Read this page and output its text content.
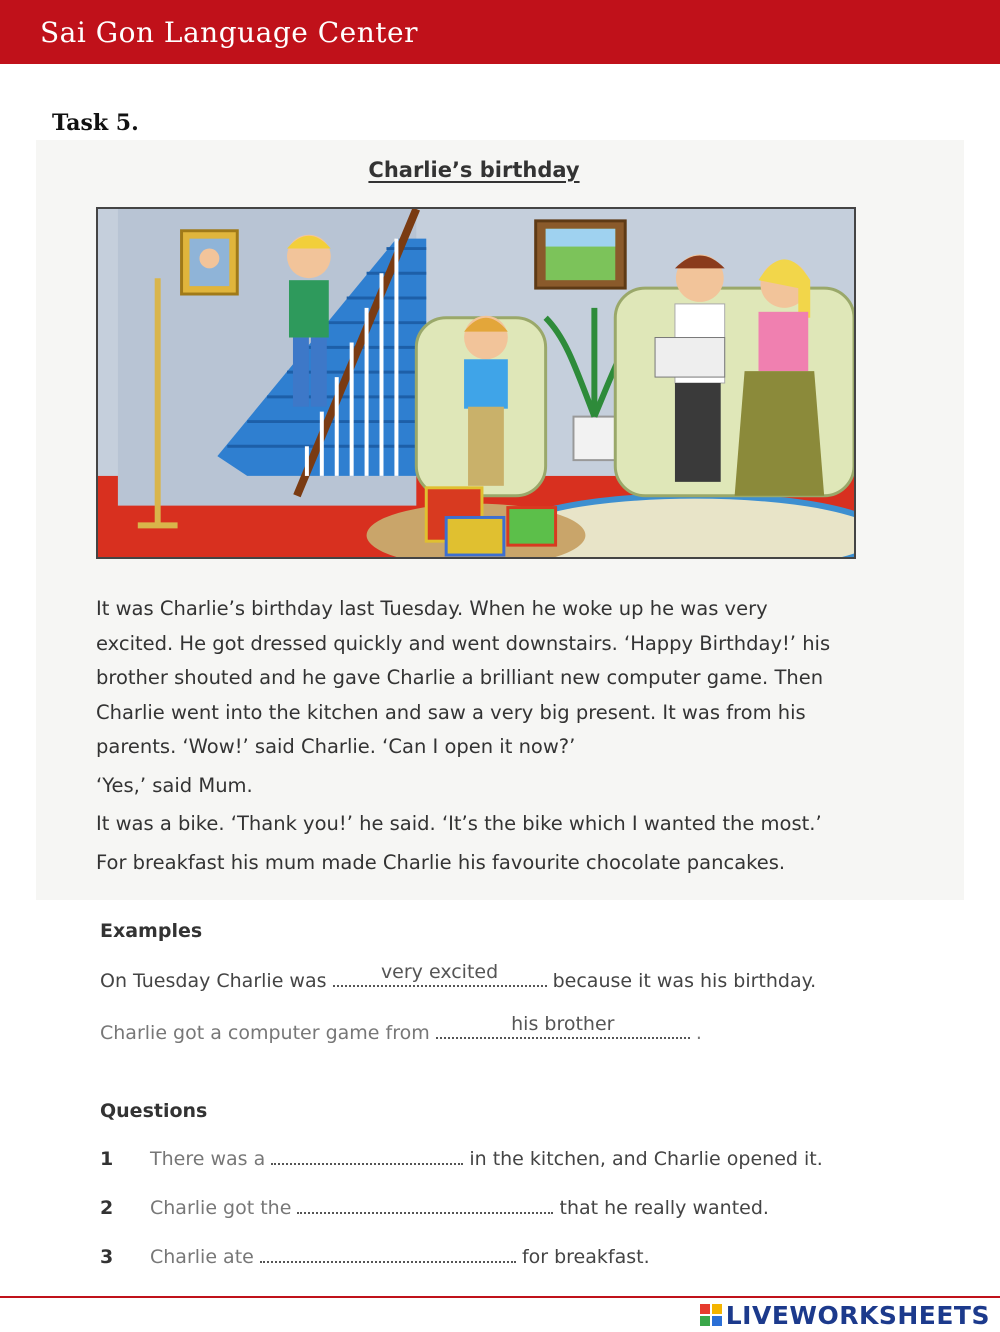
Sai Gon Language Center
Task 5.
Charlie’s birthday

It was Charlie’s birthday last Tuesday. When he woke up he was very

excited. He got dressed quickly and went downstairs. ‘Happy Birthday!’ his

brother shouted and he gave Charlie a brilliant new computer game. Then

Charlie went into the kitchen and saw a very big present. It was from his

parents. ‘Wow!’ said Charlie. ‘Can I open it now?’

‘Yes,’ said Mum.

It was a bike. ‘Thank you!’ he said. ‘It’s the bike which I wanted the most.’

For breakfast his mum made Charlie his favourite chocolate pancakes.

Examples
On Tuesday Charlie was	very excited	because it was his birthday.
Charlie got a computer game from	his brother	.
Questions
1 There was a	in the kitchen, and Charlie opened it.
2 Charlie got the	that he really wanted.
3 Charlie ate	for breakfast.
LIVEWORKSHEETS
